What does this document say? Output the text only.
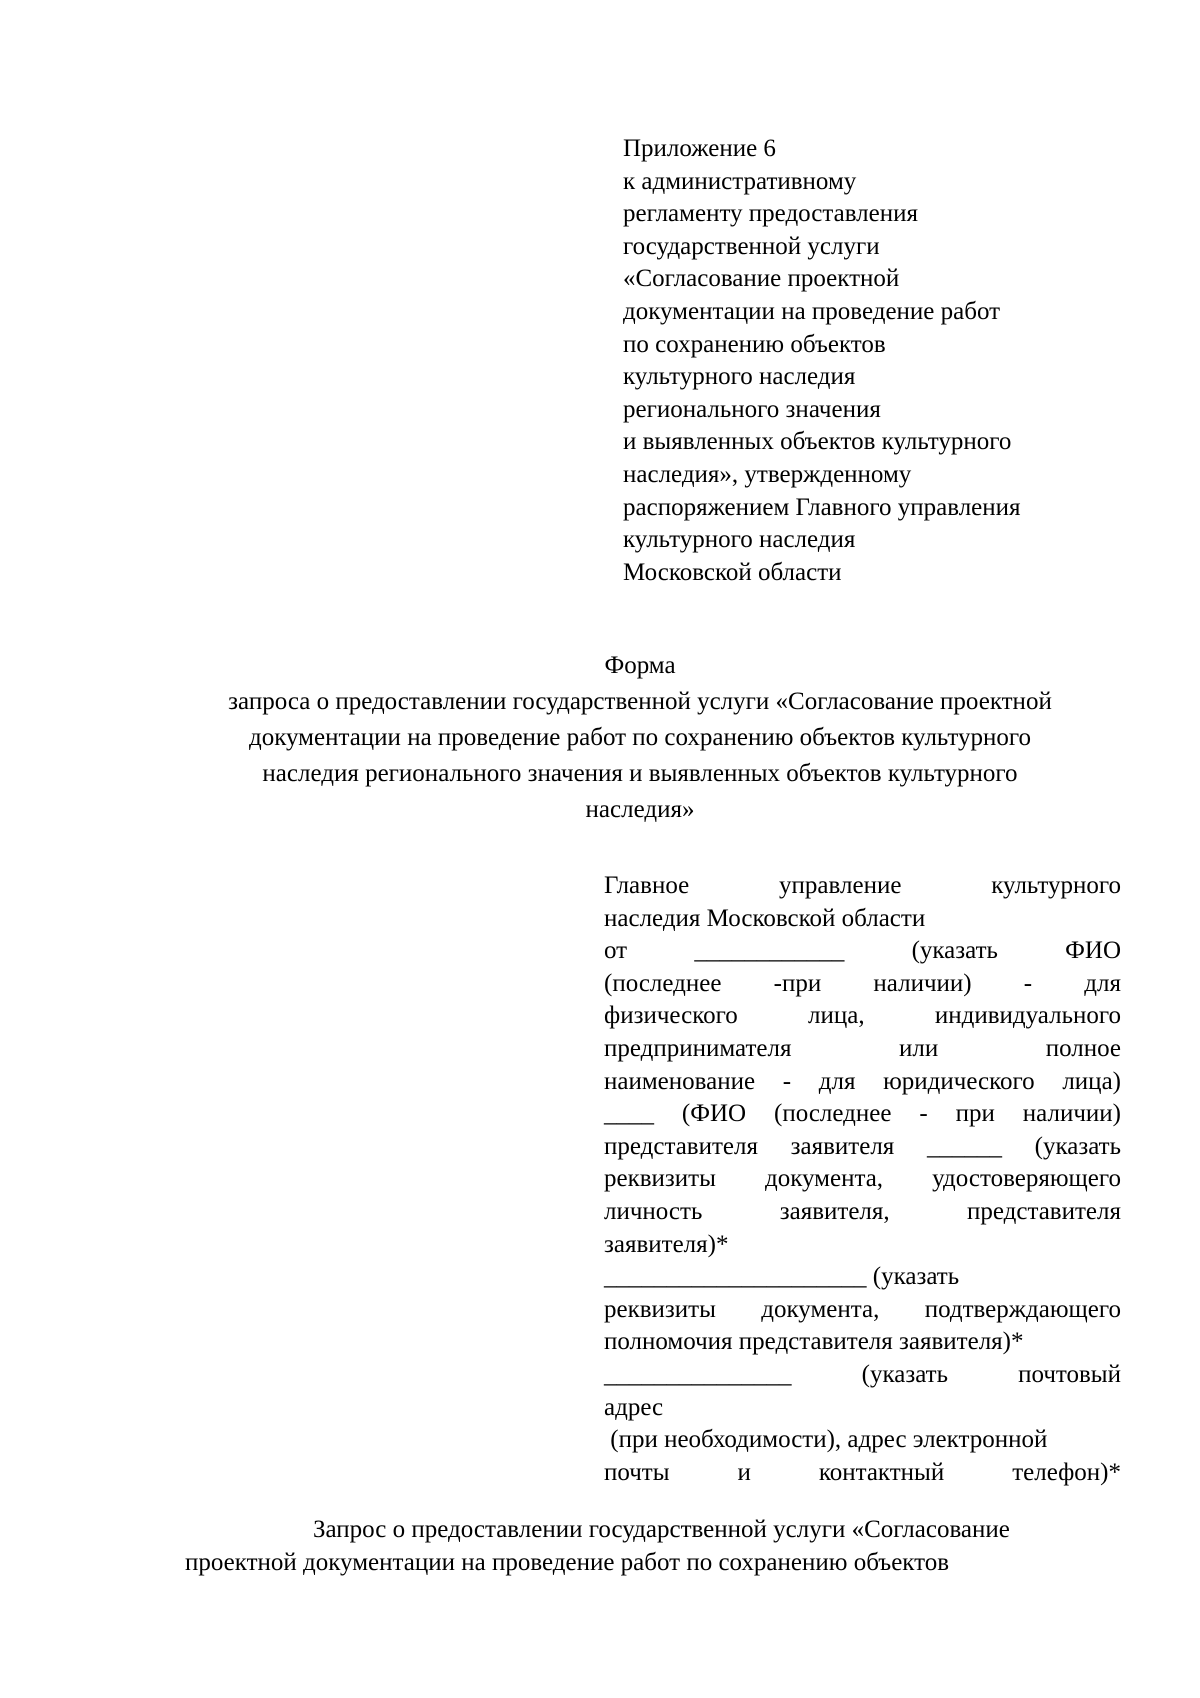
Приложение 6
к административному
регламенту предоставления
государственной услуги
«Согласование проектной
документации на проведение работ
по сохранению объектов
культурного наследия
регионального значения
и выявленных объектов культурного
наследия», утвержденному
распоряжением Главного управления
культурного наследия
Московской области
Форма
запроса о предоставлении государственной услуги «Согласование проектной
документации на проведение работ по сохранению объектов культурного
наследия регионального значения и выявленных объектов культурного
наследия»
Главное управление культурного
наследия Московской области
от ____________ (указать ФИО
(последнее -при наличии) - для
физического лица, индивидуального
предпринимателя или полное
наименование - для юридического лица)
____ (ФИО (последнее - при наличии)
представителя заявителя ______ (указать
реквизиты документа, удостоверяющего
личность заявителя, представителя
заявителя)*
_____________________ (указать
реквизиты документа, подтверждающего
полномочия представителя заявителя)*
_______________ (указать почтовый
адрес
(при необходимости), адрес электронной
почты и контактный телефон)*
Запрос о предоставлении государственной услуги «Согласование
проектной документации на проведение работ по сохранению объектов
